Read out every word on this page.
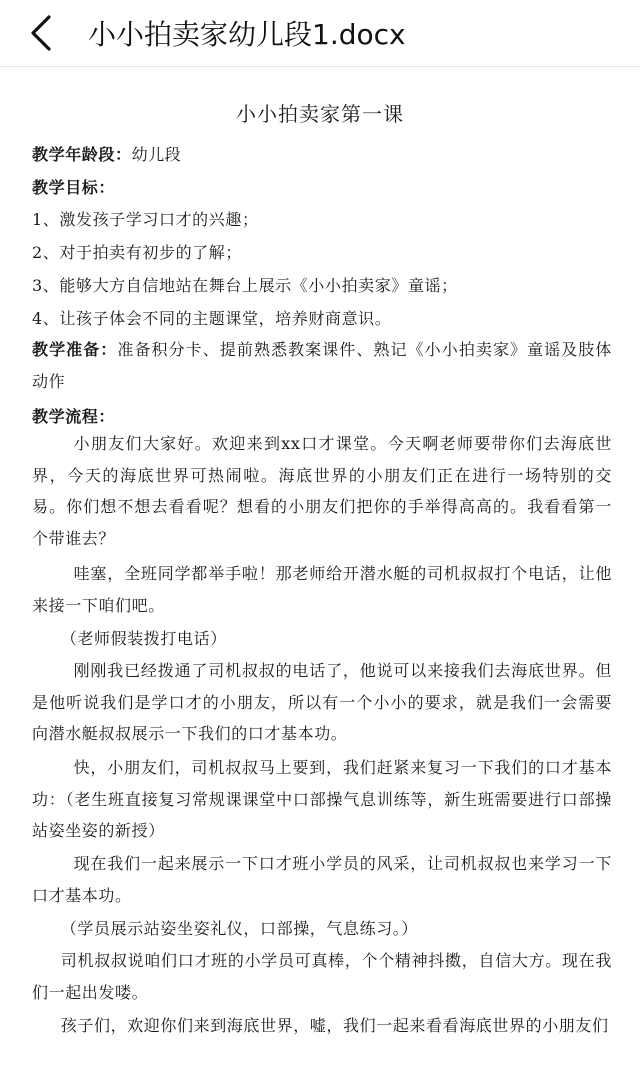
小小拍卖家幼儿段1.docx
小小拍卖家第一课
教学年龄段：幼儿段
教学目标：
1、激发孩子学习口才的兴趣；
2、对于拍卖有初步的了解；
3、能够大方自信地站在舞台上展示《小小拍卖家》童谣；
4、让孩子体会不同的主题课堂，培养财商意识。
教学准备：准备积分卡、提前熟悉教案课件、熟记《小小拍卖家》童谣及肢体动作
教学流程：
小朋友们大家好。欢迎来到xx口才课堂。今天啊老师要带你们去海底世界，今天的海底世界可热闹啦。海底世界的小朋友们正在进行一场特别的交易。你们想不想去看看呢？想看的小朋友们把你的手举得高高的。我看看第一个带谁去？
哇塞，全班同学都举手啦！那老师给开潜水艇的司机叔叔打个电话，让他来接一下咱们吧。
（老师假装拨打电话）
刚刚我已经拨通了司机叔叔的电话了，他说可以来接我们去海底世界。但是他听说我们是学口才的小朋友，所以有一个小小的要求，就是我们一会需要向潜水艇叔叔展示一下我们的口才基本功。
快，小朋友们，司机叔叔马上要到，我们赶紧来复习一下我们的口才基本功：（老生班直接复习常规课课堂中口部操气息训练等，新生班需要进行口部操站姿坐姿的新授）
现在我们一起来展示一下口才班小学员的风采，让司机叔叔也来学习一下口才基本功。
（学员展示站姿坐姿礼仪，口部操，气息练习。）
司机叔叔说咱们口才班的小学员可真棒，个个精神抖擞，自信大方。现在我们一起出发喽。
孩子们，欢迎你们来到海底世界，嘘，我们一起来看看海底世界的小朋友们
